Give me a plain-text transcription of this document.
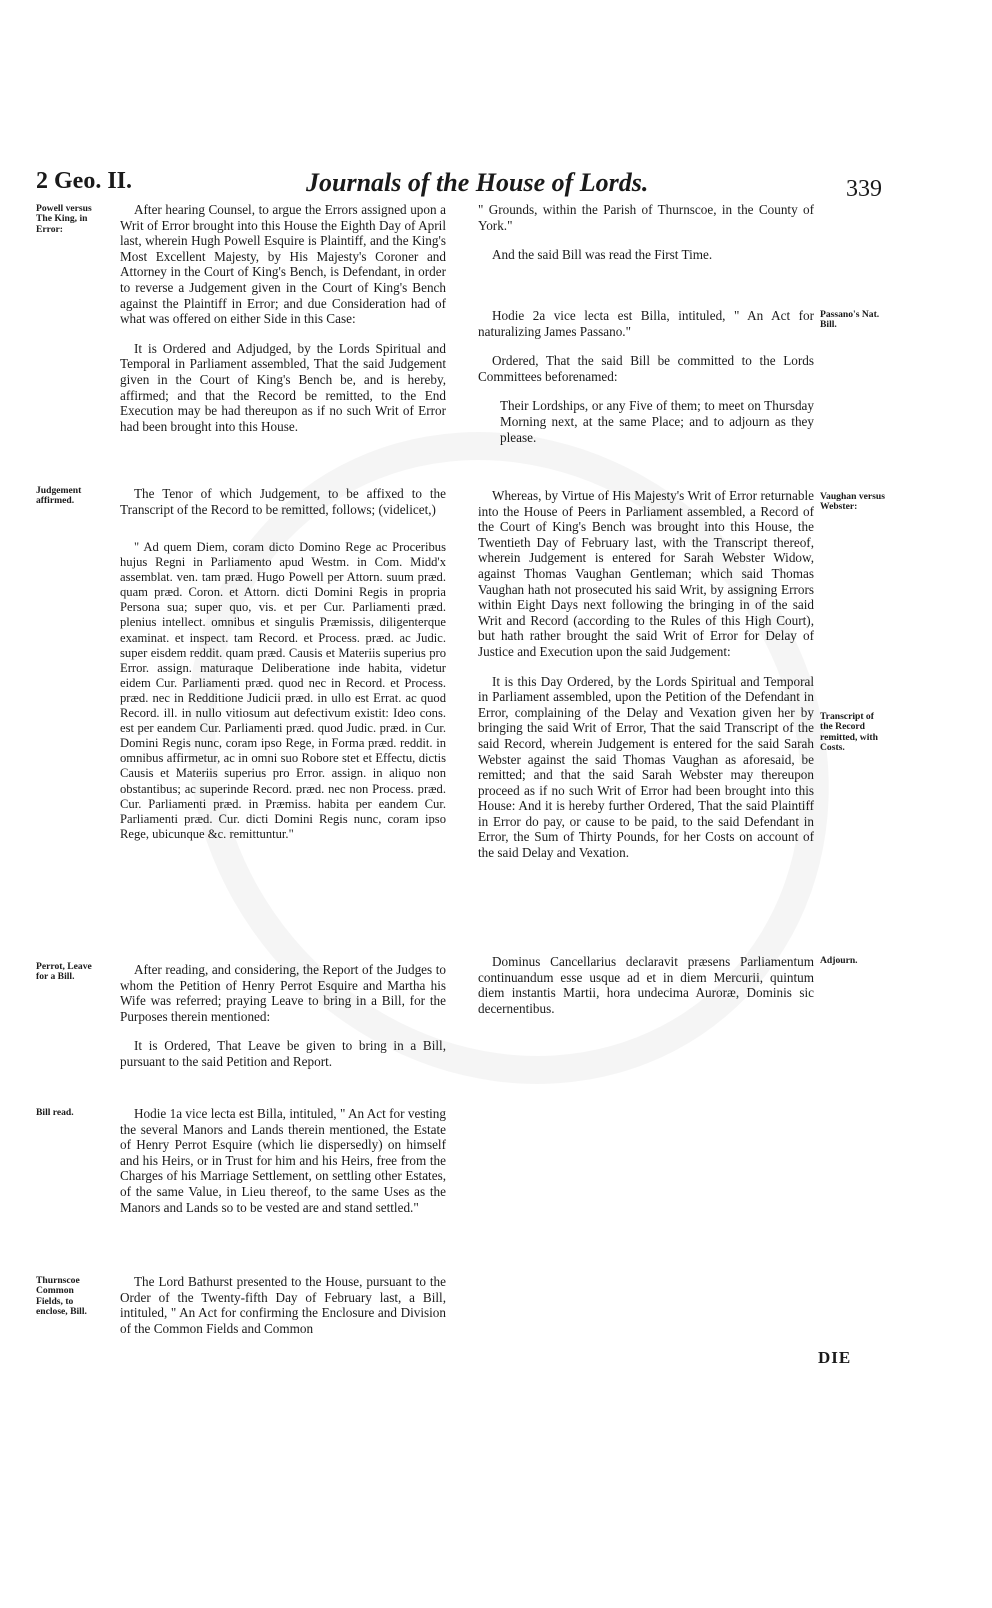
2 Geo. II.	Journals of the House of Lords.	339
Powell versus The King, in Error:
Judgement affirmed.
Perrot, Leave for a Bill.
Bill read.
Thurnscoe Common Fields, to enclose, Bill.
Passano's Nat. Bill.
Vaughan versus Webster:
Transcript of the Record remitted, with Costs.
Adjourn.

After hearing Counsel, to argue the Errors assigned upon a Writ of Error brought into this House the Eighth Day of April last, wherein Hugh Powell Esquire is Plaintiff, and the King's Most Excellent Majesty, by His Majesty's Coroner and Attorney in the Court of King's Bench, is Defendant, in order to reverse a Judgement given in the Court of King's Bench against the Plaintiff in Error; and due Consideration had of what was offered on either Side in this Case:

It is Ordered and Adjudged, by the Lords Spiritual and Temporal in Parliament assembled, That the said Judgement given in the Court of King's Bench be, and is hereby, affirmed; and that the Record be remitted, to the End Execution may be had thereupon as if no such Writ of Error had been brought into this House.

The Tenor of which Judgement, to be affixed to the Transcript of the Record to be remitted, follows; (videlicet,)

" Ad quem Diem, coram dicto Domino Rege ac Proceribus hujus Regni in Parliamento apud Westm. in Com. Midd'x assemblat. ven. tam præd. Hugo Powell per Attorn. suum præd. quam præd. Coron. et Attorn. dicti Domini Regis in propria Persona sua; super quo, vis. et per Cur. Parliamenti præd. plenius intellect. omnibus et singulis Præmissis, diligenterque examinat. et inspect. tam Record. et Process. præd. ac Judic. super eisdem reddit. quam præd. Causis et Materiis superius pro Error. assign. maturaque Deliberatione inde habita, videtur eidem Cur. Parliamenti præd. quod nec in Record. et Process. præd. nec in Redditione Judicii præd. in ullo est Errat. ac quod Record. ill. in nullo vitiosum aut defectivum existit: Ideo cons. est per eandem Cur. Parliamenti præd. quod Judic. præd. in Cur. Domini Regis nunc, coram ipso Rege, in Forma præd. reddit. in omnibus affirmetur, ac in omni suo Robore stet et Effectu, dictis Causis et Materiis superius pro Error. assign. in aliquo non obstantibus; ac superinde Record. præd. nec non Process. præd. Cur. Parliamenti præd. in Præmiss. habita per eandem Cur. Parliamenti præd. Cur. dicti Domini Regis nunc, coram ipso Rege, ubicunque &c. remittuntur."

After reading, and considering, the Report of the Judges to whom the Petition of Henry Perrot Esquire and Martha his Wife was referred; praying Leave to bring in a Bill, for the Purposes therein mentioned:

It is Ordered, That Leave be given to bring in a Bill, pursuant to the said Petition and Report.

Hodie 1a vice lecta est Billa, intituled, " An Act for vesting the several Manors and Lands therein mentioned, the Estate of Henry Perrot Esquire (which lie dispersedly) on himself and his Heirs, or in Trust for him and his Heirs, free from the Charges of his Marriage Settlement, on settling other Estates, of the same Value, in Lieu thereof, to the same Uses as the Manors and Lands so to be vested are and stand settled."

The Lord Bathurst presented to the House, pursuant to the Order of the Twenty-fifth Day of February last, a Bill, intituled, " An Act for confirming the Enclosure and Division of the Common Fields and Common

" Grounds, within the Parish of Thurnscoe, in the County of York."

And the said Bill was read the First Time.

Hodie 2a vice lecta est Billa, intituled, " An Act for naturalizing James Passano."

Ordered, That the said Bill be committed to the Lords Committees beforenamed:

Their Lordships, or any Five of them; to meet on Thursday Morning next, at the same Place; and to adjourn as they please.

Whereas, by Virtue of His Majesty's Writ of Error returnable into the House of Peers in Parliament assembled, a Record of the Court of King's Bench was brought into this House, the Twentieth Day of February last, with the Transcript thereof, wherein Judgement is entered for Sarah Webster Widow, against Thomas Vaughan Gentleman; which said Thomas Vaughan hath not prosecuted his said Writ, by assigning Errors within Eight Days next following the bringing in of the said Writ and Record (according to the Rules of this High Court), but hath rather brought the said Writ of Error for Delay of Justice and Execution upon the said Judgement:

It is this Day Ordered, by the Lords Spiritual and Temporal in Parliament assembled, upon the Petition of the Defendant in Error, complaining of the Delay and Vexation given her by bringing the said Writ of Error, That the said Transcript of the said Record, wherein Judgement is entered for the said Sarah Webster against the said Thomas Vaughan as aforesaid, be remitted; and that the said Sarah Webster may thereupon proceed as if no such Writ of Error had been brought into this House: And it is hereby further Ordered, That the said Plaintiff in Error do pay, or cause to be paid, to the said Defendant in Error, the Sum of Thirty Pounds, for her Costs on account of the said Delay and Vexation.

Dominus Cancellarius declaravit præsens Parliamentum continuandum esse usque ad et in diem Mercurii, quintum diem instantis Martii, hora undecima Auroræ, Dominis sic decernentibus.

DIE
